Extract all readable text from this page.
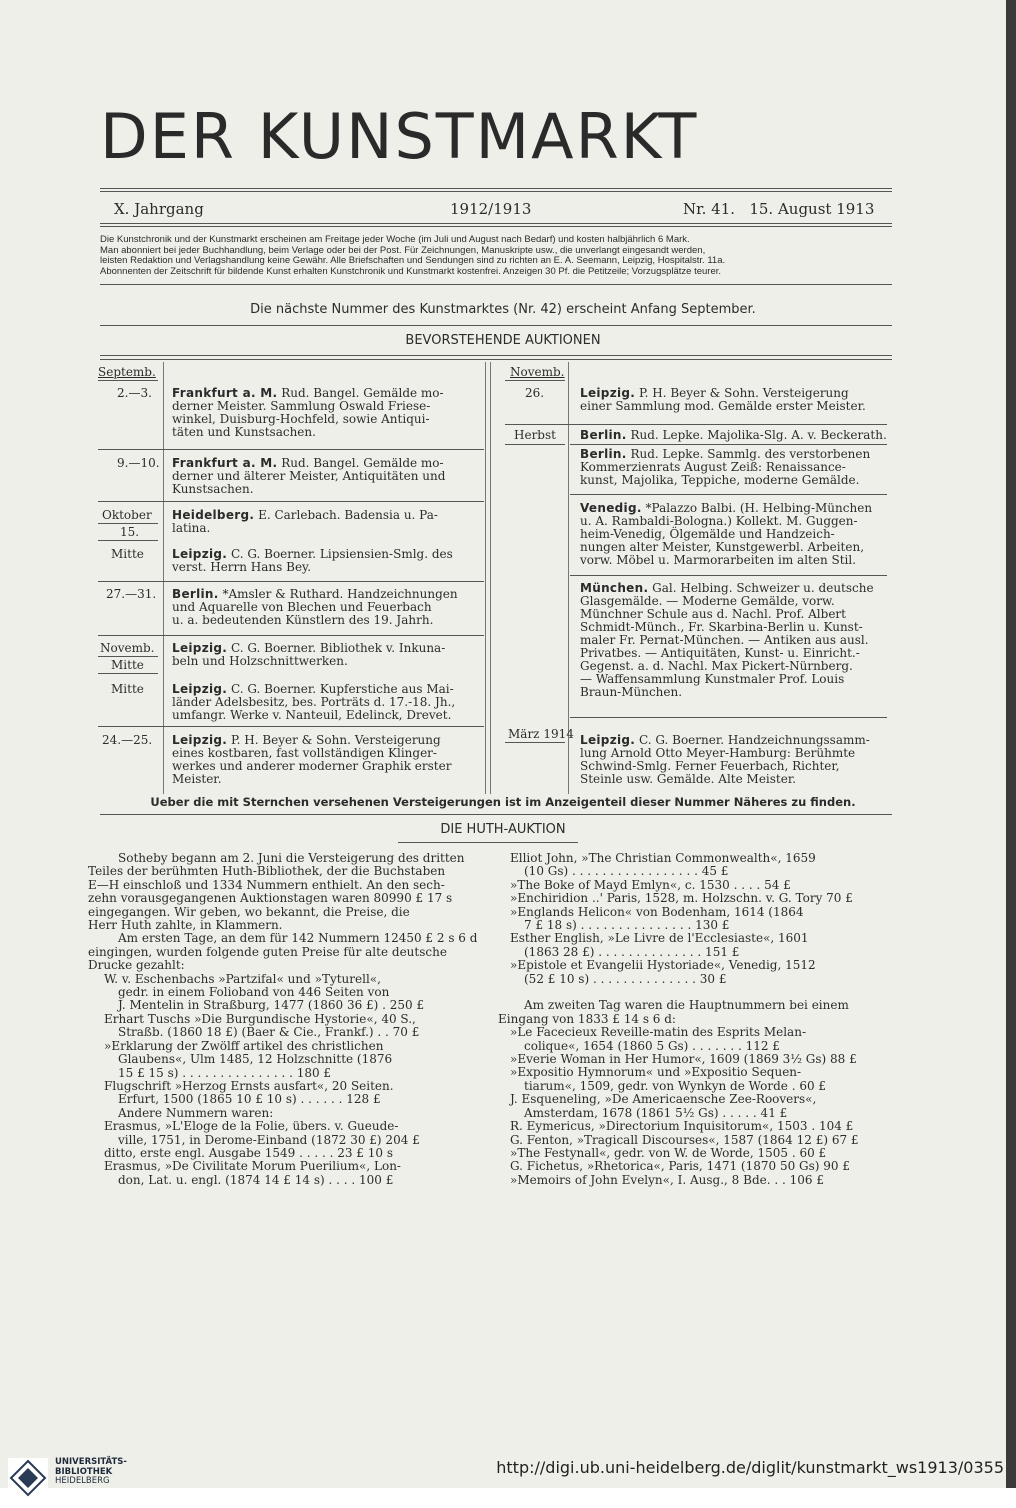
DER KUNSTMARKT
X. Jahrgang	1912/1913	Nr. 41.   15. August 1913

Die Kunstchronik und der Kunstmarkt erscheinen am Freitage jeder Woche (im Juli und August nach Bedarf) und kosten halbjährlich 6 Mark.

Man abonniert bei jeder Buchhandlung, beim Verlage oder bei der Post. Für Zeichnungen, Manuskripte usw., die unverlangt eingesandt werden,

leisten Redaktion und Verlagshandlung keine Gewähr. Alle Briefschaften und Sendungen sind zu richten an E. A. Seemann, Leipzig, Hospitalstr. 11a.

Abonnenten der Zeitschrift für bildende Kunst erhalten Kunstchronik und Kunstmarkt kostenfrei. Anzeigen 30 Pf. die Petitzeile; Vorzugsplätze teurer.

Die nächste Nummer des Kunstmarktes (Nr. 42) erscheint Anfang September.
BEVORSTEHENDE AUKTIONEN
Septemb.
2.—3.
9.—10.
Oktober
15.
Mitte
27.—31.
Novemb.
Mitte
Mitte
24.—25.

Frankfurt a. M. Rud. Bangel. Gemälde mo-

derner Meister. Sammlung Oswald Friese-

winkel, Duisburg-Hochfeld, sowie Antiqui-

täten und Kunstsachen.

Frankfurt a. M. Rud. Bangel. Gemälde mo-

derner und älterer Meister, Antiquitäten und

Kunstsachen.

Heidelberg. E. Carlebach. Badensia u. Pa-

latina.

Leipzig. C. G. Boerner. Lipsiensien-Smlg. des

verst. Herrn Hans Bey.

Berlin. *Amsler & Ruthard. Handzeichnungen

und Aquarelle von Blechen und Feuerbach

u. a. bedeutenden Künstlern des 19. Jahrh.

Leipzig. C. G. Boerner. Bibliothek v. Inkuna-

beln und Holzschnittwerken.

Leipzig. C. G. Boerner. Kupferstiche aus Mai-

länder Adelsbesitz, bes. Porträts d. 17.-18. Jh.,

umfangr. Werke v. Nanteuil, Edelinck, Drevet.

Leipzig. P. H. Beyer & Sohn. Versteigerung

eines kostbaren, fast vollständigen Klinger-

werkes und anderer moderner Graphik erster

Meister.

Novemb.
26.
Herbst
März 1914

Leipzig. P. H. Beyer & Sohn. Versteigerung

einer Sammlung mod. Gemälde erster Meister.

Berlin. Rud. Lepke. Majolika-Slg. A. v. Beckerath.

Berlin. Rud. Lepke. Sammlg. des verstorbenen

Kommerzienrats August Zeiß: Renaissance-

kunst, Majolika, Teppiche, moderne Gemälde.

Venedig. *Palazzo Balbi. (H. Helbing-München

u. A. Rambaldi-Bologna.) Kollekt. M. Guggen-

heim-Venedig, Ölgemälde und Handzeich-

nungen alter Meister, Kunstgewerbl. Arbeiten,

vorw. Möbel u. Marmorarbeiten im alten Stil.

München. Gal. Helbing. Schweizer u. deutsche

Glasgemälde. — Moderne Gemälde, vorw.

Münchner Schule aus d. Nachl. Prof. Albert

Schmidt-Münch., Fr. Skarbina-Berlin u. Kunst-

maler Fr. Pernat-München. — Antiken aus ausl.

Privatbes. — Antiquitäten, Kunst- u. Einricht.-

Gegenst. a. d. Nachl. Max Pickert-Nürnberg.

— Waffensammlung Kunstmaler Prof. Louis

Braun-München.

Leipzig. C. G. Boerner. Handzeichnungssamm-

lung Arnold Otto Meyer-Hamburg: Berühmte

Schwind-Smlg. Ferner Feuerbach, Richter,

Steinle usw. Gemälde. Alte Meister.

Ueber die mit Sternchen versehenen Versteigerungen ist im Anzeigenteil dieser Nummer Näheres zu finden.
DIE HUTH-AUKTION

Sotheby begann am 2. Juni die Versteigerung des dritten

Teiles der berühmten Huth-Bibliothek, der die Buchstaben

E—H einschloß und 1334 Nummern enthielt. An den sech-

zehn vorausgegangenen Auktionstagen waren 80990 £ 17 s

eingegangen. Wir geben, wo bekannt, die Preise, die

Herr Huth zahlte, in Klammern.

Am ersten Tage, an dem für 142 Nummern 12450 £ 2 s 6 d

eingingen, wurden folgende guten Preise für alte deutsche

Drucke gezahlt:

W. v. Eschenbachs »Partzifal« und »Tyturell«,

gedr. in einem Folioband von 446 Seiten von

J. Mentelin in Straßburg, 1477 (1860 36 £) . 250 £

Erhart Tuschs »Die Burgundische Hystorie«, 40 S.,

Straßb. (1860 18 £) (Baer & Cie., Frankf.) . . 70 £

»Erklarung der Zwölff artikel des christlichen

Glaubens«, Ulm 1485, 12 Holzschnitte (1876

15 £ 15 s) . . . . . . . . . . . . . . . 180 £

Flugschrift »Herzog Ernsts ausfart«, 20 Seiten.

Erfurt, 1500 (1865 10 £ 10 s) . . . . . . 128 £

Andere Nummern waren:

Erasmus, »L'Eloge de la Folie, übers. v. Gueude-

ville, 1751, in Derome-Einband (1872 30 £) 204 £

ditto, erste engl. Ausgabe 1549 . . . . . 23 £ 10 s

Erasmus, »De Civilitate Morum Puerilium«, Lon-

don, Lat. u. engl. (1874 14 £ 14 s) . . . . 100 £

Elliot John, »The Christian Commonwealth«, 1659

(10 Gs) . . . . . . . . . . . . . . . . . 45 £

»The Boke of Mayd Emlyn«, c. 1530 . . . . 54 £

»Enchiridion ..' Paris, 1528, m. Holzschn. v. G. Tory 70 £

»Englands Helicon« von Bodenham, 1614 (1864

7 £ 18 s) . . . . . . . . . . . . . . . 130 £

Esther English, »Le Livre de l'Ecclesiaste«, 1601

(1863 28 £) . . . . . . . . . . . . . . 151 £

»Epistole et Evangelii Hystoriade«, Venedig, 1512

(52 £ 10 s) . . . . . . . . . . . . . . 30 £

Am zweiten Tag waren die Hauptnummern bei einem

Eingang von 1833 £ 14 s 6 d:

»Le Facecieux Reveille-matin des Esprits Melan-

colique«, 1654 (1860 5 Gs) . . . . . . . 112 £

»Everie Woman in Her Humor«, 1609 (1869 3½ Gs) 88 £

»Expositio Hymnorum« und »Expositio Sequen-

tiarum«, 1509, gedr. von Wynkyn de Worde . 60 £

J. Esqueneling, »De Americaensche Zee-Roovers«,

Amsterdam, 1678 (1861 5½ Gs) . . . . . 41 £

R. Eymericus, »Directorium Inquisitorum«, 1503 . 104 £

G. Fenton, »Tragicall Discourses«, 1587 (1864 12 £) 67 £

»The Festynall«, gedr. von W. de Worde, 1505 . 60 £

G. Fichetus, »Rhetorica«, Paris, 1471 (1870 50 Gs) 90 £

»Memoirs of John Evelyn«, I. Ausg., 8 Bde. . . 106 £

UNIVERSITÄTS-
BIBLIOTHEK
HEIDELBERG
http://digi.ub.uni-heidelberg.de/diglit/kunstmarkt_ws1913/0355
